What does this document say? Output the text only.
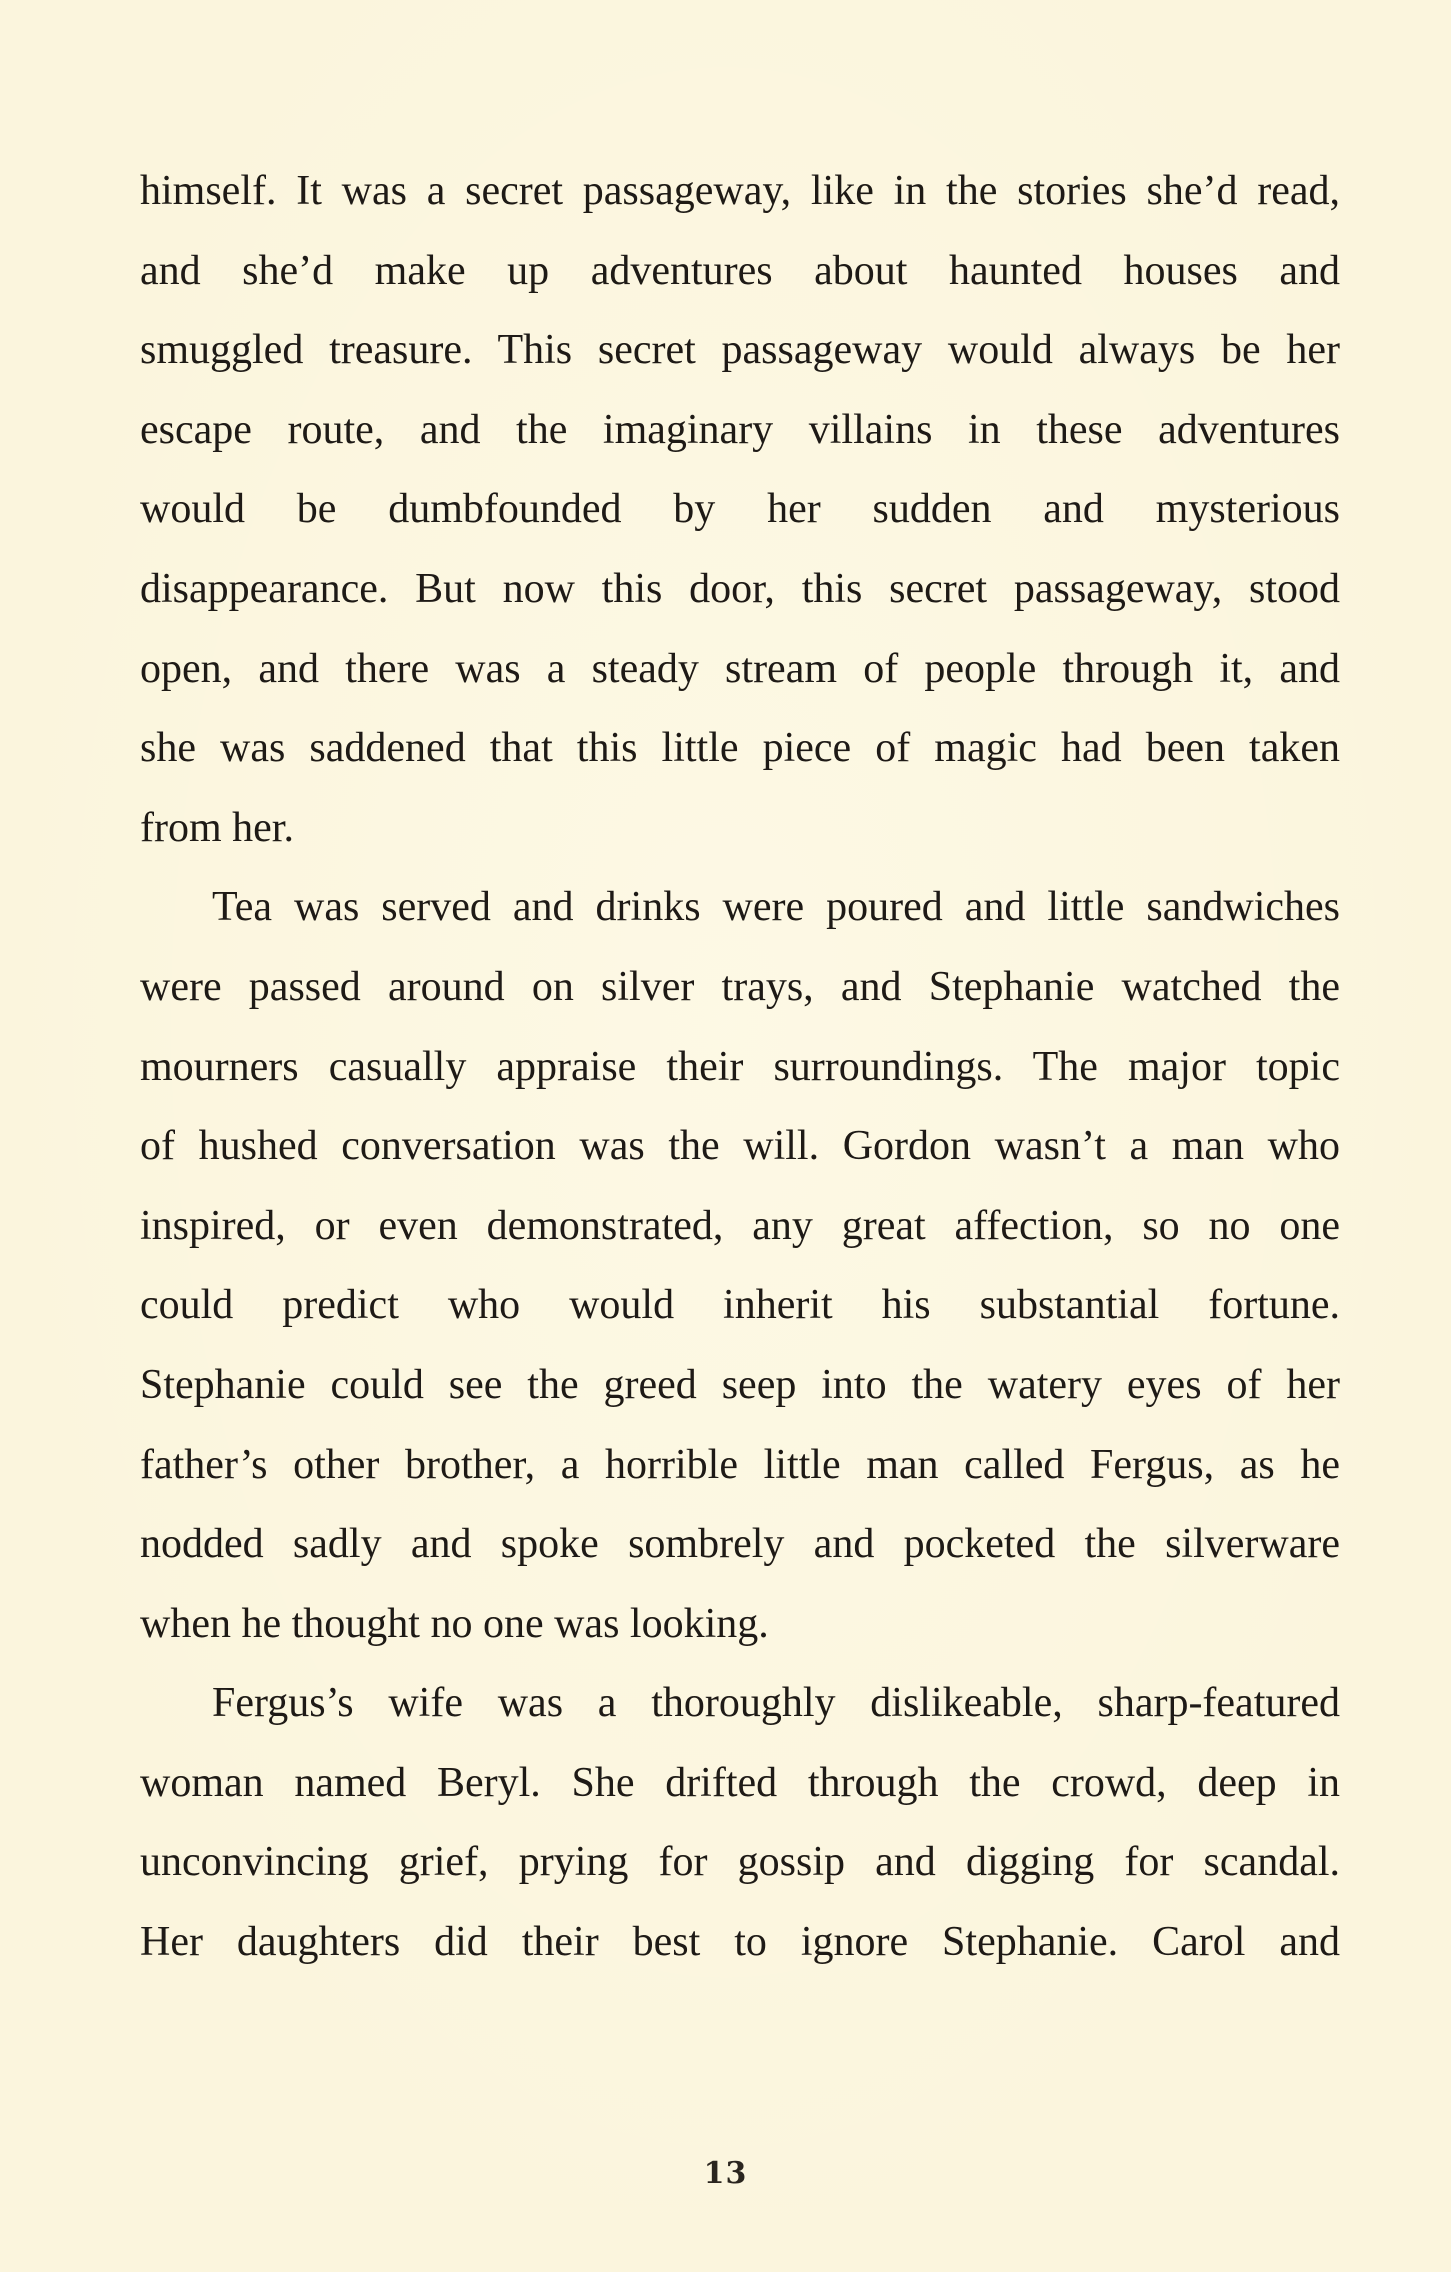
himself. It was a secret passageway, like in the stories she’d read,
and she’d make up adventures about haunted houses and
smuggled treasure. This secret passageway would always be her
escape route, and the imaginary villains in these adventures
would be dumbfounded by her sudden and mysterious
disappearance. But now this door, this secret passageway, stood
open, and there was a steady stream of people through it, and
she was saddened that this little piece of magic had been taken
from her.
Tea was served and drinks were poured and little sandwiches
were passed around on silver trays, and Stephanie watched the
mourners casually appraise their surroundings. The major topic
of hushed conversation was the will. Gordon wasn’t a man who
inspired, or even demonstrated, any great affection, so no one
could predict who would inherit his substantial fortune.
Stephanie could see the greed seep into the watery eyes of her
father’s other brother, a horrible little man called Fergus, as he
nodded sadly and spoke sombrely and pocketed the silverware
when he thought no one was looking.
Fergus’s wife was a thoroughly dislikeable, sharp-featured
woman named Beryl. She drifted through the crowd, deep in
unconvincing grief, prying for gossip and digging for scandal.
Her daughters did their best to ignore Stephanie. Carol and
13
